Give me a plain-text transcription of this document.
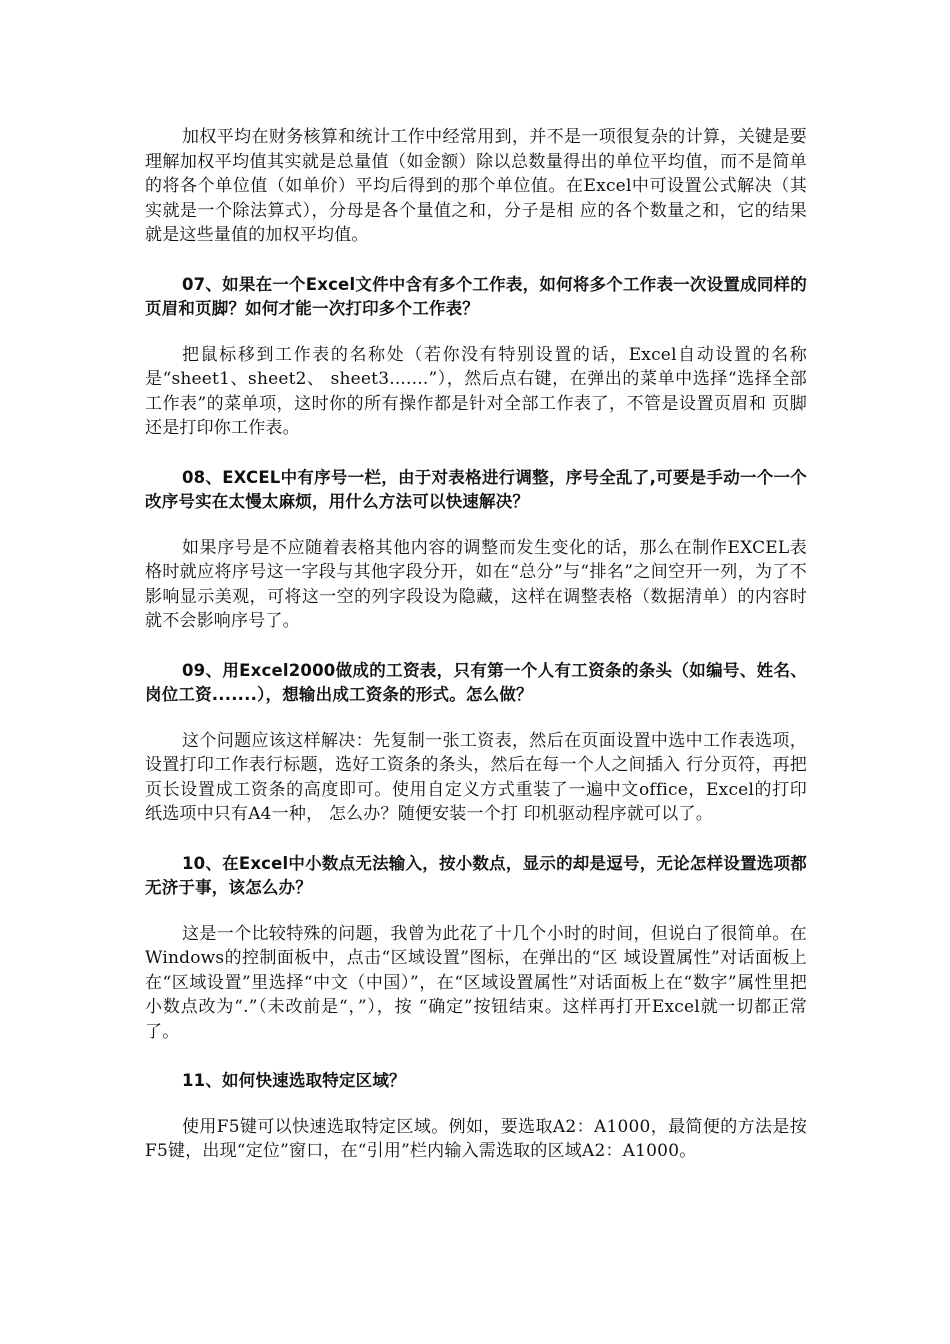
加权平均在财务核算和统计工作中经常用到，并不是一项很复杂的计算，关键是要理解加权平均值其实就是总量值（如金额）除以总数量得出的单位平均值，而不是简单的将各个单位值（如单价）平均后得到的那个单位值。在Excel中可设置公式解决（其实就是一个除法算式），分母是各个量值之和，分子是相 应的各个数量之和，它的结果就是这些量值的加权平均值。

07、如果在一个Excel文件中含有多个工作表，如何将多个工作表一次设置成同样的页眉和页脚？如何才能一次打印多个工作表？

把鼠标移到工作表的名称处（若你没有特别设置的话，Excel自动设置的名称是“sheet1、sheet2、 sheet3.......”），然后点右键，在弹出的菜单中选择“选择全部工作表”的菜单项，这时你的所有操作都是针对全部工作表了，不管是设置页眉和 页脚还是打印你工作表。

08、EXCEL中有序号一栏，由于对表格进行调整，序号全乱了,可要是手动一个一个改序号实在太慢太麻烦，用什么方法可以快速解决？

如果序号是不应随着表格其他内容的调整而发生变化的话，那么在制作EXCEL表格时就应将序号这一字段与其他字段分开，如在“总分”与“排名”之间空开一列，为了不影响显示美观，可将这一空的列字段设为隐藏，这样在调整表格（数据清单）的内容时就不会影响序号了。

09、用Excel2000做成的工资表，只有第一个人有工资条的条头（如编号、姓名、岗位工资.......），想输出成工资条的形式。怎么做？

这个问题应该这样解决：先复制一张工资表，然后在页面设置中选中工作表选项，设置打印工作表行标题，选好工资条的条头，然后在每一个人之间插入 行分页符，再把页长设置成工资条的高度即可。使用自定义方式重装了一遍中文office，Excel的打印纸选项中只有A4一种， 怎么办？随便安装一个打 印机驱动程序就可以了。

10、在Excel中小数点无法输入，按小数点，显示的却是逗号，无论怎样设置选项都无济于事，该怎么办？

这是一个比较特殊的问题，我曾为此花了十几个小时的时间，但说白了很简单。在Windows的控制面板中，点击“区域设置”图标，在弹出的“区 域设置属性”对话面板上在“区域设置”里选择“中文（中国）”，在“区域设置属性”对话面板上在“数字”属性里把小数点改为“.”（未改前是“，”），按 “确定”按钮结束。这样再打开Excel就一切都正常了。

11、如何快速选取特定区域？

使用F5键可以快速选取特定区域。例如，要选取A2：A1000，最简便的方法是按F5键，出现“定位”窗口，在“引用”栏内输入需选取的区域A2：A1000。
